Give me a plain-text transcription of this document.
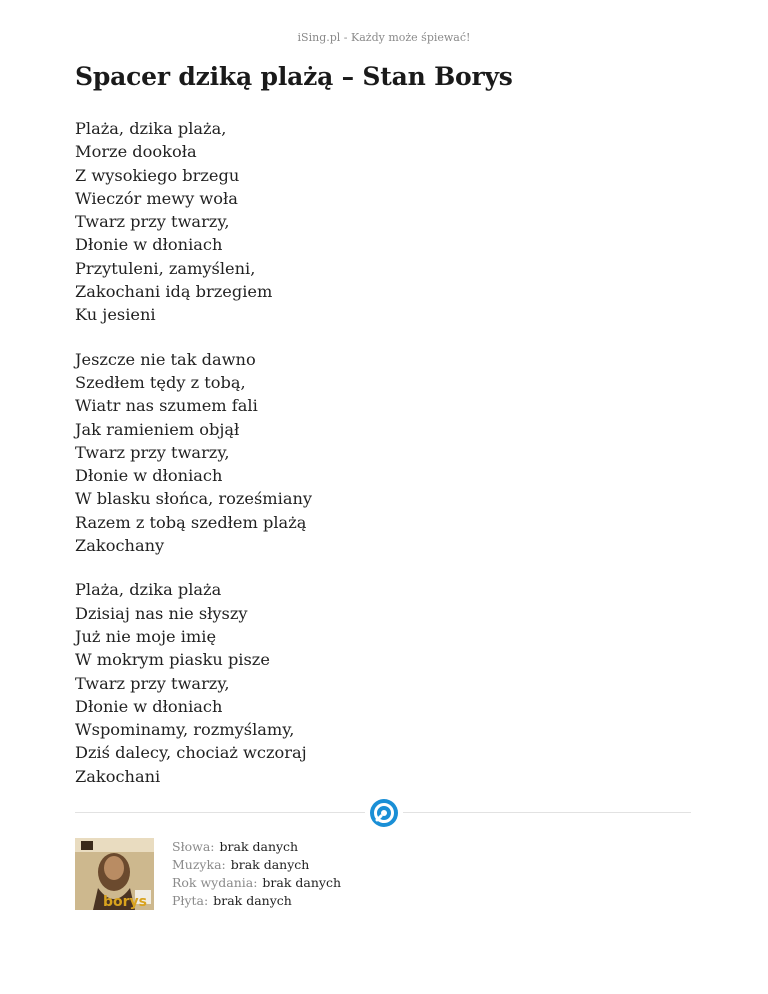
iSing.pl - Każdy może śpiewać!
Spacer dziką plażą – Stan Borys
Plaża, dzika plaża,
Morze dookoła
Z wysokiego brzegu
Wieczór mewy woła
Twarz przy twarzy,
Dłonie w dłoniach
Przytuleni, zamyśleni,
Zakochani idą brzegiem
Ku jesieni
Jeszcze nie tak dawno
Szedłem tędy z tobą,
Wiatr nas szumem fali
Jak ramieniem objął
Twarz przy twarzy,
Dłonie w dłoniach
W blasku słońca, roześmiany
Razem z tobą szedłem plażą
Zakochany
Plaża, dzika plaża
Dzisiaj nas nie słyszy
Już nie moje imię
W mokrym piasku pisze
Twarz przy twarzy,
Dłonie w dłoniach
Wspominamy, rozmyślamy,
Dziś dalecy, chociaż wczoraj
Zakochani
borys
Słowa: brak danych
Muzyka: brak danych
Rok wydania: brak danych
Płyta: brak danych
